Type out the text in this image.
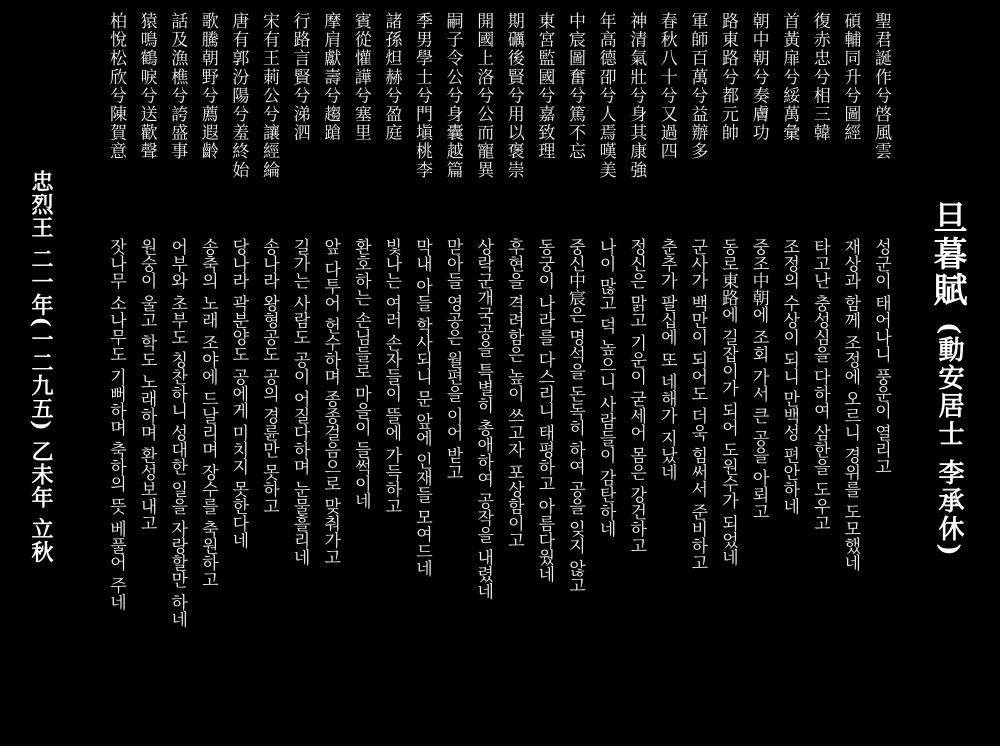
旦暮賦
(動安居士 李承休)
聖君誕作兮啓風雲
碩輔同升兮圖經
復赤忠兮相三韓
首黃扉兮綏萬彙
朝中朝兮奏膚功
路東路兮都元帥
軍師百萬兮益辦多
春秋八十兮又過四
神清氣壯兮身其康強
年高德卲兮人焉嘆美
中宸圖奮兮篤不忘
東宮監國兮嘉致理
期礪後賢兮用以褒崇
開國上洛兮公而寵異
嗣子令公兮身囊越篇
季男學士兮門塡桃李
諸孫炟赫兮盈庭
賓從懽譁兮塞里
摩肩獻壽兮趨蹌
行路言賢兮涕泗
宋有王莿公兮讓經綸
唐有郭汾陽兮羞終始
歌騰朝野兮薦遐齡
話及漁樵兮誇盛事
猿鳴鶴唳兮送歡聲
柏悅松欣兮陳賀意
성군이 태어나니 풍운이 열리고
재상과 함께 조정에 오르니 경위를 도모했네
타고난 충성심을 다하여 삼한을 도우고
조정의 수상이 되니 만백성 편안하네
중조中朝에 조회 가서 큰 공을 아뢰고
동로東路에 길잡이가 되어 도원수가 되었네
군사가 백만이 되어도 더욱 힘써서 준비하고
춘추가 팔십에 또 네해가 지났네
정신은 맑고 기운이 굳세어 몸은 강건하고
나이 많고 덕 높으니 사람들이 감탄하네
중신中宸은 명석을 돈독히 하여 공을 잊지 않고
동궁이 나라를 다스리니 태평하고 아름다웠네
후현을 격려함은 높이 쓰고자 포상함이고
상락군개국공을 특별히 총애하여 공작을 내렸네
맏아들 영공은 월편을 이어 받고
막내 아들 학사되니 문 앞에 인재들 모여드네
빛나는 여러 손자들이 뜰에 가득하고
환호하는 손님들로 마을이 들썩이네
앞 다투어 헌수하며 종종걸음으로 맞춰가고
길가는 사람도 공이 어질다하며 눈물흘리네
송나라 왕형공도 공의 경륜만 못하고
당나라 곽분양도 공에게 미치지 못한다네
송축의 노래 조야에 드날리며 장수를 축원하고
어부와 초부도 칭찬하니 성대한 일을 자랑할만 하네
원숭이 울고 학도 노래하며 환성보내고
잣나무 소나무도 기뻐하며 축하의 뜻 베풀어 주네
忠烈王 二一年(一二九五) 乙未年 立秋
